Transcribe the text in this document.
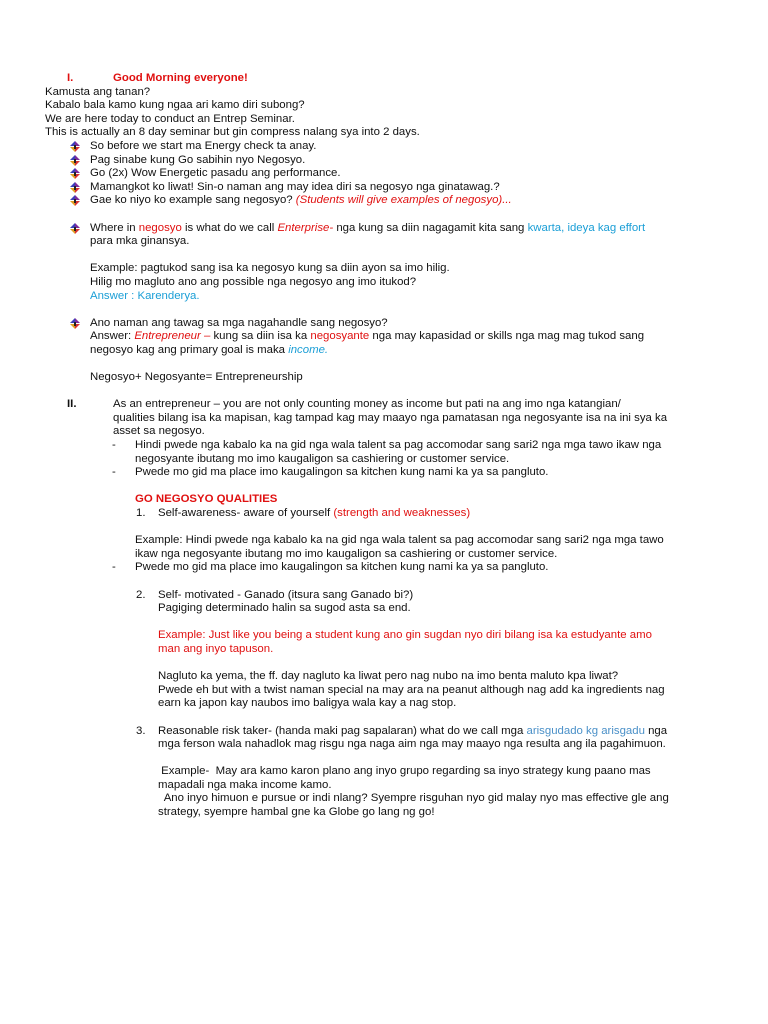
I.	Good Morning everyone!
Kamusta ang tanan?
Kabalo bala kamo kung ngaa ari kamo diri subong?
We are here today to conduct an Entrep Seminar.
This is actually an 8 day seminar but gin compress nalang sya into 2 days.
So before we start ma Energy check ta anay.
Pag sinabe kung Go sabihin nyo Negosyo.
Go (2x) Wow Energetic pasadu ang performance.
Mamangkot ko liwat! Sin-o naman ang may idea diri sa negosyo nga ginatawag.?
Gae ko niyo ko example sang negosyo? (Students will give examples of negosyo)...
Where in negosyo is what do we call Enterprise- nga kung sa diin nagagamit kita sang kwarta, ideya kag effort
para mka ginansya.
Example: pagtukod sang isa ka negosyo kung sa diin ayon sa imo hilig.
Hilig mo magluto ano ang possible nga negosyo ang imo itukod?
Answer : Karenderya.
Ano naman ang tawag sa mga nagahandle sang negosyo?
Answer: Entrepreneur – kung sa diin isa ka negosyante nga may kapasidad or skills nga mag mag tukod sang
negosyo kag ang primary goal is maka income.
Negosyo+ Negosyante= Entrepreneurship
II.	As an entrepreneur – you are not only counting money as income but pati na ang imo nga katangian/
qualities bilang isa ka mapisan, kag tampad kag may maayo nga pamatasan nga negosyante isa na ini sya ka
asset sa negosyo.
- Hindi pwede nga kabalo ka na gid nga wala talent sa pag accomodar sang sari2 nga mga tawo ikaw nga
negosyante ibutang mo imo kaugaligon sa cashiering or customer service.
- Pwede mo gid ma place imo kaugalingon sa kitchen kung nami ka ya sa pangluto.
GO NEGOSYO QUALITIES
1. Self-awareness- aware of yourself (strength and weaknesses)
Example: Hindi pwede nga kabalo ka na gid nga wala talent sa pag accomodar sang sari2 nga mga tawo
ikaw nga negosyante ibutang mo imo kaugaligon sa cashiering or customer service.
- Pwede mo gid ma place imo kaugalingon sa kitchen kung nami ka ya sa pangluto.
2. Self- motivated - Ganado (itsura sang Ganado bi?)
Pagiging determinado halin sa sugod asta sa end.
Example: Just like you being a student kung ano gin sugdan nyo diri bilang isa ka estudyante amo
man ang inyo tapuson.
Nagluto ka yema, the ff. day nagluto ka liwat pero nag nubo na imo benta maluto kpa liwat?
Pwede eh but with a twist naman special na may ara na peanut although nag add ka ingredients nag
earn ka japon kay naubos imo baligya wala kay a nag stop.
3. Reasonable risk taker- (handa maki pag sapalaran) what do we call mga arisgudado kg arisgadu nga
mga ferson wala nahadlok mag risgu nga naga aim nga may maayo nga resulta ang ila pagahimuon.
Example-  May ara kamo karon plano ang inyo grupo regarding sa inyo strategy kung paano mas
mapadali nga maka income kamo.
Ano inyo himuon e pursue or indi nlang? Syempre risguhan nyo gid malay nyo mas effective gle ang
strategy, syempre hambal gne ka Globe go lang ng go!
